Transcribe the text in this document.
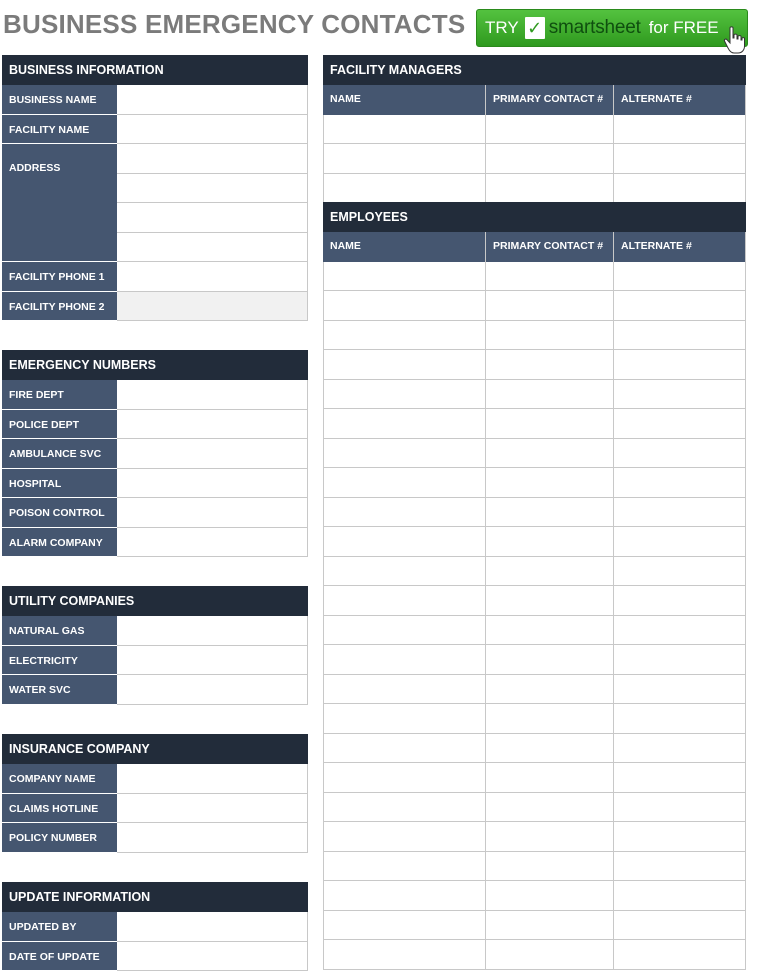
BUSINESS EMERGENCY CONTACTS TRY ✓ smartsheet for FREE
BUSINESS INFORMATION
BUSINESS NAME
FACILITY NAME
ADDRESS
FACILITY PHONE 1
FACILITY PHONE 2
EMERGENCY NUMBERS
FIRE DEPT
POLICE DEPT
AMBULANCE SVC
HOSPITAL
POISON CONTROL
ALARM COMPANY
UTILITY COMPANIES
NATURAL GAS
ELECTRICITY
WATER SVC
INSURANCE COMPANY
COMPANY NAME
CLAIMS HOTLINE
POLICY NUMBER
UPDATE INFORMATION
UPDATED BY
DATE OF UPDATE
FACILITY MANAGERS
NAME	PRIMARY CONTACT #	ALTERNATE #
EMPLOYEES
NAME	PRIMARY CONTACT #	ALTERNATE #
